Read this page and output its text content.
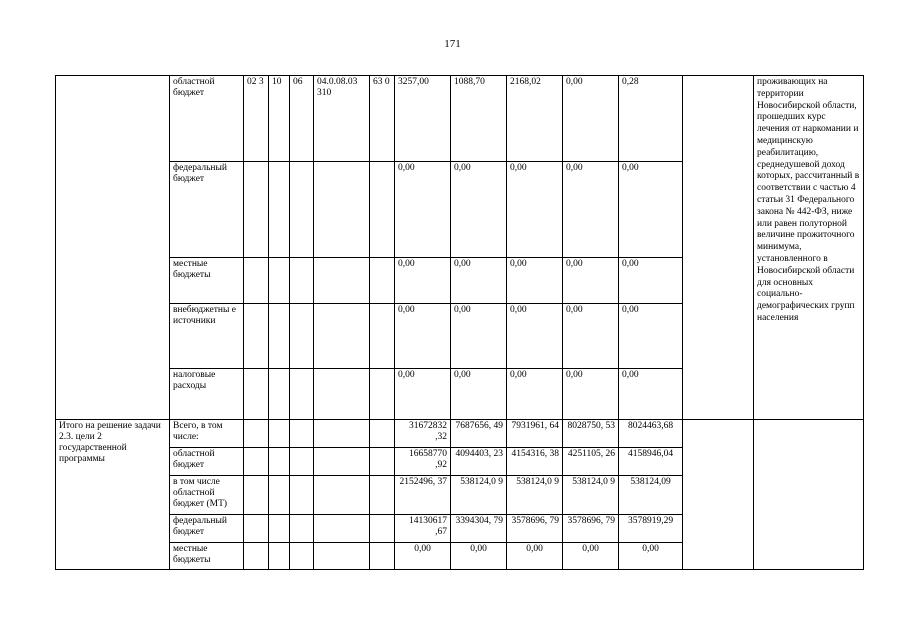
171
	областной бюджет	02 3	10	06	04.0.08.03 310	63 0	3257,00	1088,70	2168,02	0,00	0,28		проживающих на территории Новосибирской области, прошедших курс лечения от наркомании и медицинскую реабилитацию, среднедушевой доход которых, рассчитанный в соответствии с частью 4 статьи 31 Федерального закона № 442-ФЗ, ниже или равен полуторной величине прожиточного минимума, установленного в Новосибирской области для основных социально-демографических групп населения
	федеральный бюджет						0,00	0,00	0,00	0,00	0,00		
	местные бюджеты						0,00	0,00	0,00	0,00	0,00		
	внебюджетны е источники						0,00	0,00	0,00	0,00	0,00		
	налоговые расходы						0,00	0,00	0,00	0,00	0,00		
Итого на решение задачи 2.3. цели 2 государственной программы	Всего, в том числе:						31672832 ,32	7687656, 49	7931961, 64	8028750, 53	8024463,68		
	областной бюджет						16658770 ,92	4094403, 23	4154316, 38	4251105, 26	4158946,04		
	в том числе областной бюджет (МТ)						2152496, 37	538124,0 9	538124,0 9	538124,0 9	538124,09		
	федеральный бюджет						14130617 ,67	3394304, 79	3578696, 79	3578696, 79	3578919,29		
	местные бюджеты						0,00	0,00	0,00	0,00	0,00		
